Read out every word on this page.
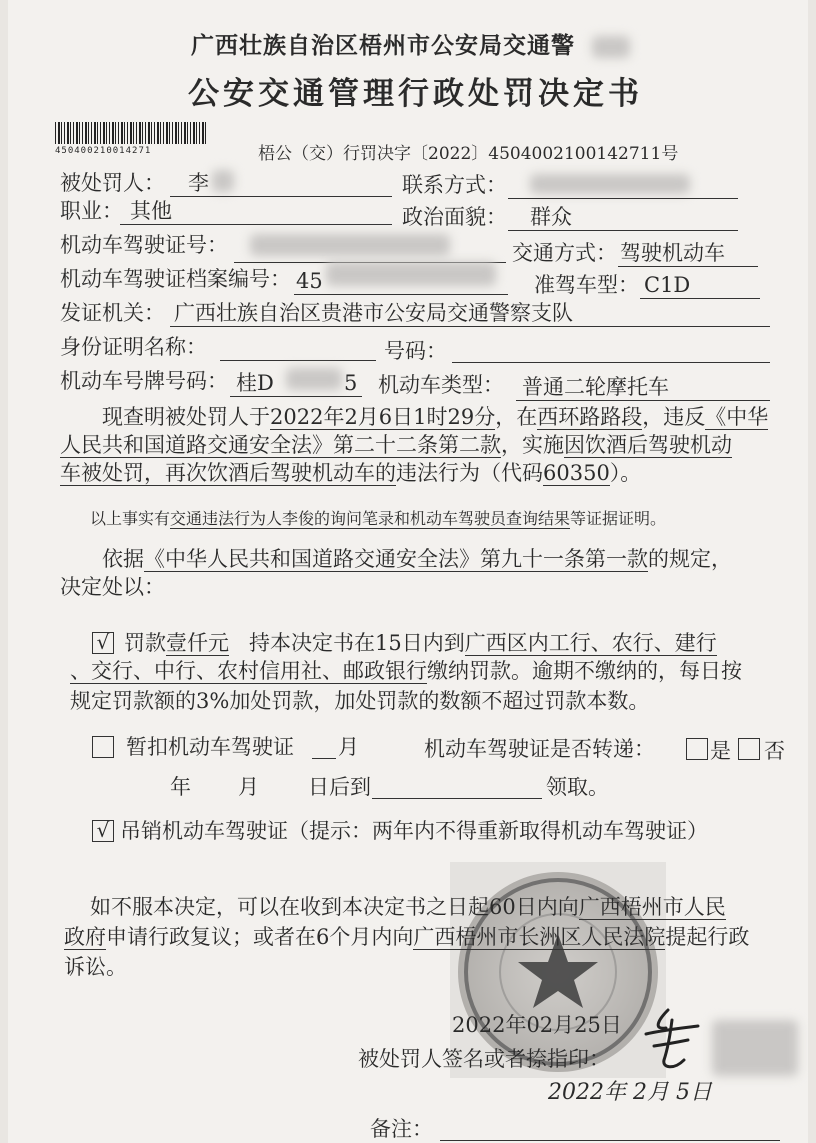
广西壮族自治区梧州市公安局交通警
公安交通管理行政处罚决定书
450400210014271	梧公（交）行罚决字〔2022〕4504002100142711号
被处罚人： 李	联系方式：
职业： 其他	政治面貌： 群众
机动车驾驶证号：	交通方式： 驾驶机动车
机动车驾驶证档案编号： 45	准驾车型： C1D
发证机关： 广西壮族自治区贵港市公安局交通警察支队
身份证明名称：	号码：
机动车号牌号码： 桂D	5 机动车类型： 普通二轮摩托车
现查明被处罚人于2022年2月6日1时29分，在西环路路段，违反《中华
人民共和国道路交通安全法》第二十二条第二款，实施因饮酒后驾驶机动
车被处罚，再次饮酒后驾驶机动车的违法行为（代码60350）。
以上事实有交通违法行为人李俊的询问笔录和机动车驾驶员查询结果等证据证明。
依据《中华人民共和国道路交通安全法》第九十一条第一款的规定，
决定处以：
√ 罚款壹仟元 持本决定书在15日内到广西区内工行、农行、建行
、交行、中行、农村信用社、邮政银行缴纳罚款。逾期不缴纳的，每日按
规定罚款额的3%加处罚款，加处罚款的数额不超过罚款本数。
暂扣机动车驾驶证 月	机动车驾驶证是否转递：	是 否
年 月 日后到	领取。
√ 吊销机动车驾驶证（提示：两年内不得重新取得机动车驾驶证）
如不服本决定，可以在收到本决定书之日起60日内向广西梧州市人民
政府申请行政复议；或者在6个月内向广西梧州市长洲区人民法院提起行政
诉讼。
2022年02月25日
被处罚人签名或者捺指印：
2022年 2月 5日
备注：
